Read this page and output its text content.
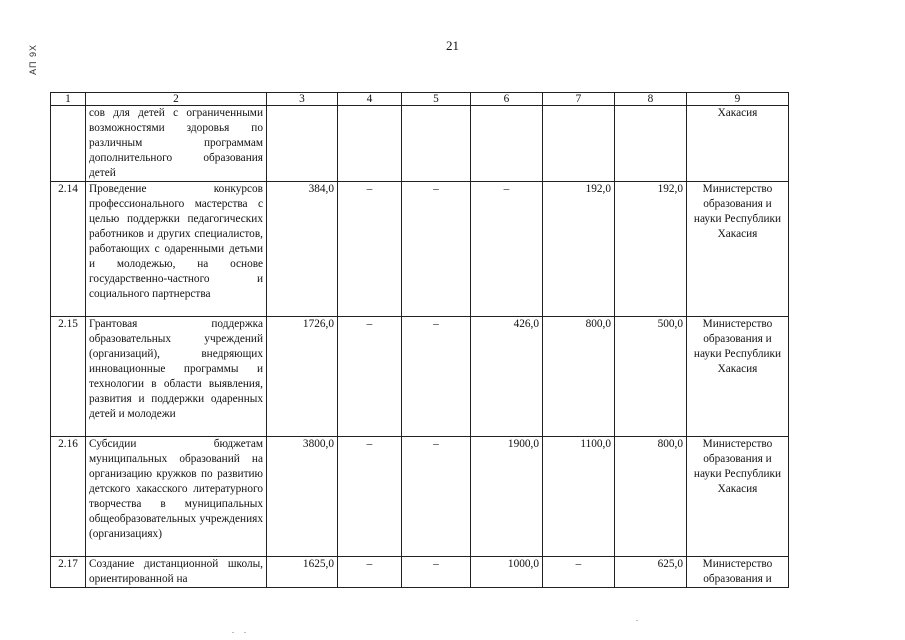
АП 9Х	21
1	2	3	4	5	6	7	8	9
	сов для детей с ограниченными возможностями здоровья по различным программам дополнительного образования детей							Хакасия
2.14	Проведение конкурсов профессионального мастерства с целью поддержки педагогических работников и других специалистов, работающих с одаренными детьми и молодежью, на основе государственно-частного и социального партнерства	384,0	–	–	–	192,0	192,0	Министерство образования и науки Республики Хакасия
2.15	Грантовая поддержка образовательных учреждений (организаций), внедряющих инновационные программы и технологии в области выявления, развития и поддержки одаренных детей и молодежи	1726,0	–	–	426,0	800,0	500,0	Министерство образования и науки Республики Хакасия
2.16	Субсидии бюджетам муниципальных образований на организацию кружков по развитию детского хакасского литературного творчества в муниципальных общеобразовательных учреждениях (организациях)	3800,0	–	–	1900,0	1100,0	800,0	Министерство образования и науки Республики Хакасия
2.17	Создание дистанционной школы, ориентированной на	1625,0	–	–	1000,0	–	625,0	Министерство образования и
